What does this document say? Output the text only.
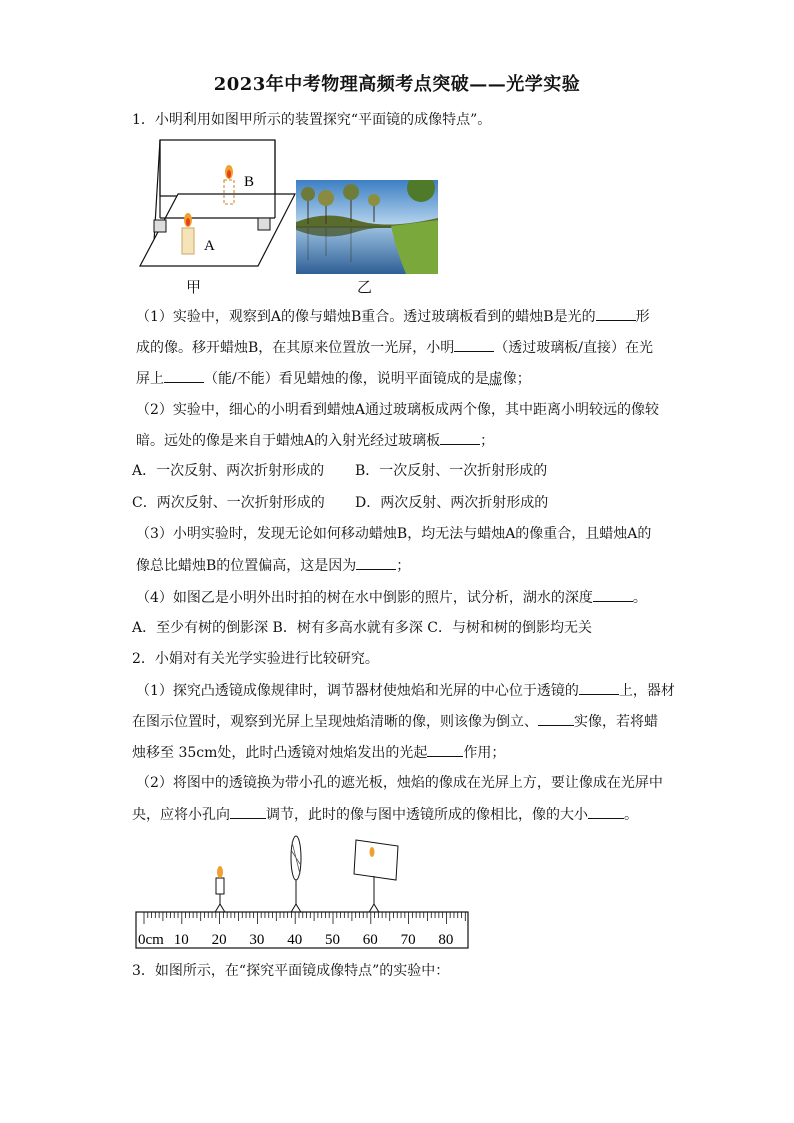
2023年中考物理高频考点突破——光学实验
1．小明利用如图甲所示的装置探究“平面镜的成像特点”。
B
A
甲	乙
（1）实验中，观察到A的像与蜡烛B重合。透过玻璃板看到的蜡烛B是光的	形
成的像。移开蜡烛B，在其原来位置放一光屏，小明	（透过玻璃板/直接）在光
屏上	（能/不能）看见蜡烛的像，说明平面镜成的是虚像；
（2）实验中，细心的小明看到蜡烛A通过玻璃板成两个像，其中距离小明较远的像较
暗。远处的像是来自于蜡烛A的入射光经过玻璃板	；
A．一次反射、两次折射形成的 B．一次反射、一次折射形成的
C．两次反射、一次折射形成的 D．两次反射、两次折射形成的
（3）小明实验时，发现无论如何移动蜡烛B，均无法与蜡烛A的像重合，且蜡烛A的
像总比蜡烛B的位置偏高，这是因为	；
（4）如图乙是小明外出时拍的树在水中倒影的照片，试分析，湖水的深度	。
A．至少有树的倒影深 B．树有多高水就有多深 C．与树和树的倒影均无关
2．小娟对有关光学实验进行比较研究。
（1）探究凸透镜成像规律时，调节器材使烛焰和光屏的中心位于透镜的	上，器材
在图示位置时，观察到光屏上呈现烛焰清晰的像，则该像为倒立、	实像，若将蜡
烛移至 35cm处，此时凸透镜对烛焰发出的光起	作用；
（2）将图中的透镜换为带小孔的遮光板，烛焰的像成在光屏上方，要让像成在光屏中
央，应将小孔向	调节，此时的像与图中透镜所成的像相比，像的大小	。
0cm 10 20 30 40 50 60 70 80
3．如图所示，在“探究平面镜成像特点”的实验中：
